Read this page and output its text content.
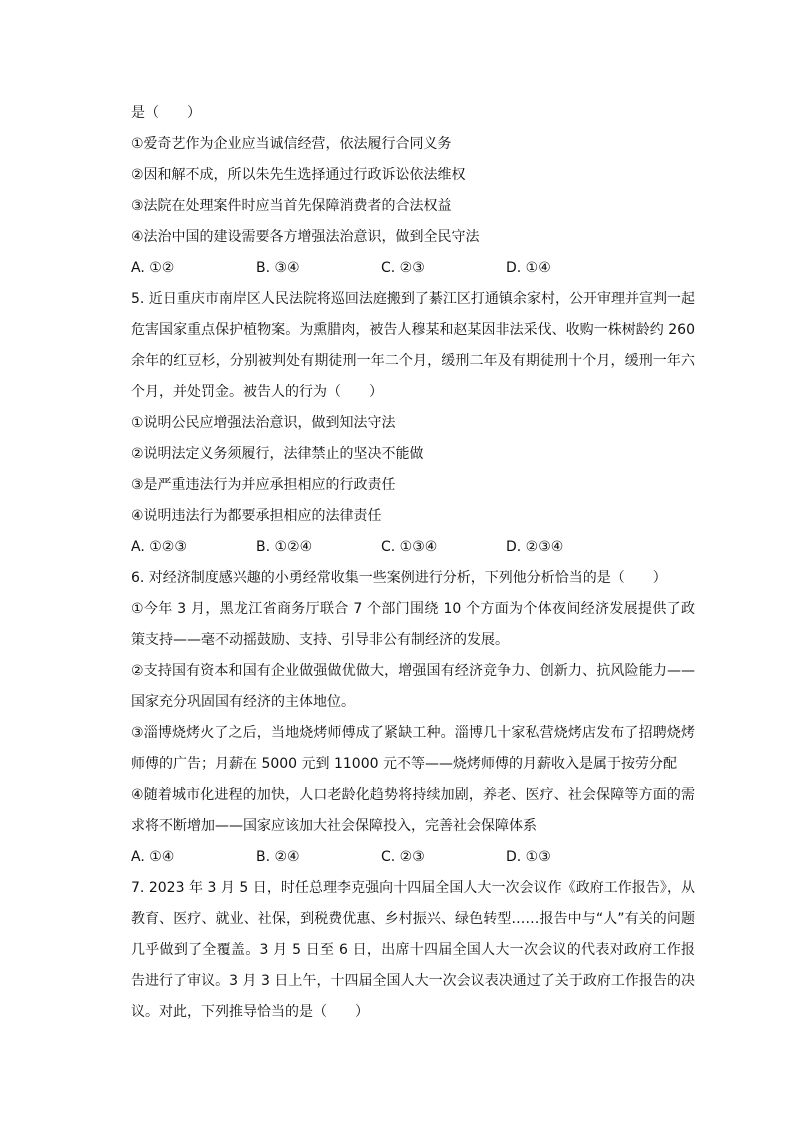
是（　　）
①爱奇艺作为企业应当诚信经营，依法履行合同义务
②因和解不成，所以朱先生选择通过行政诉讼依法维权
③法院在处理案件时应当首先保障消费者的合法权益
④法治中国的建设需要各方增强法治意识，做到全民守法
A. ①②	B. ③④	C. ②③	D. ①④
5. 近日重庆市南岸区人民法院将巡回法庭搬到了綦江区打通镇余家村，公开审理并宣判一起危害国家重点保护植物案。为熏腊肉，被告人穆某和赵某因非法采伐、收购一株树龄约 260 余年的红豆杉，分别被判处有期徒刑一年二个月，缓刑二年及有期徒刑十个月，缓刑一年六个月，并处罚金。被告人的行为（　　）
①说明公民应增强法治意识，做到知法守法
②说明法定义务须履行，法律禁止的坚决不能做
③是严重违法行为并应承担相应的行政责任
④说明违法行为都要承担相应的法律责任
A. ①②③	B. ①②④	C. ①③④	D. ②③④
6. 对经济制度感兴趣的小勇经常收集一些案例进行分析，下列他分析恰当的是（　　）
①今年 3 月，黑龙江省商务厅联合 7 个部门围绕 10 个方面为个体夜间经济发展提供了政策支持——毫不动摇鼓励、支持、引导非公有制经济的发展。
②支持国有资本和国有企业做强做优做大，增强国有经济竞争力、创新力、抗风险能力——国家充分巩固国有经济的主体地位。
③淄博烧烤火了之后，当地烧烤师傅成了紧缺工种。淄博几十家私营烧烤店发布了招聘烧烤师傅的广告；月薪在 5000 元到 11000 元不等——烧烤师傅的月薪收入是属于按劳分配
④随着城市化进程的加快，人口老龄化趋势将持续加剧，养老、医疗、社会保障等方面的需求将不断增加——国家应该加大社会保障投入，完善社会保障体系
A. ①④	B. ②④	C. ②③	D. ①③
7. 2023 年 3 月 5 日，时任总理李克强向十四届全国人大一次会议作《政府工作报告》，从教育、医疗、就业、社保，到税费优惠、乡村振兴、绿色转型……报告中与“人”有关的问题几乎做到了全覆盖。3 月 5 日至 6 日，出席十四届全国人大一次会议的代表对政府工作报告进行了审议。3 月 3 日上午，十四届全国人大一次会议表决通过了关于政府工作报告的决议。对此，下列推导恰当的是（　　）
